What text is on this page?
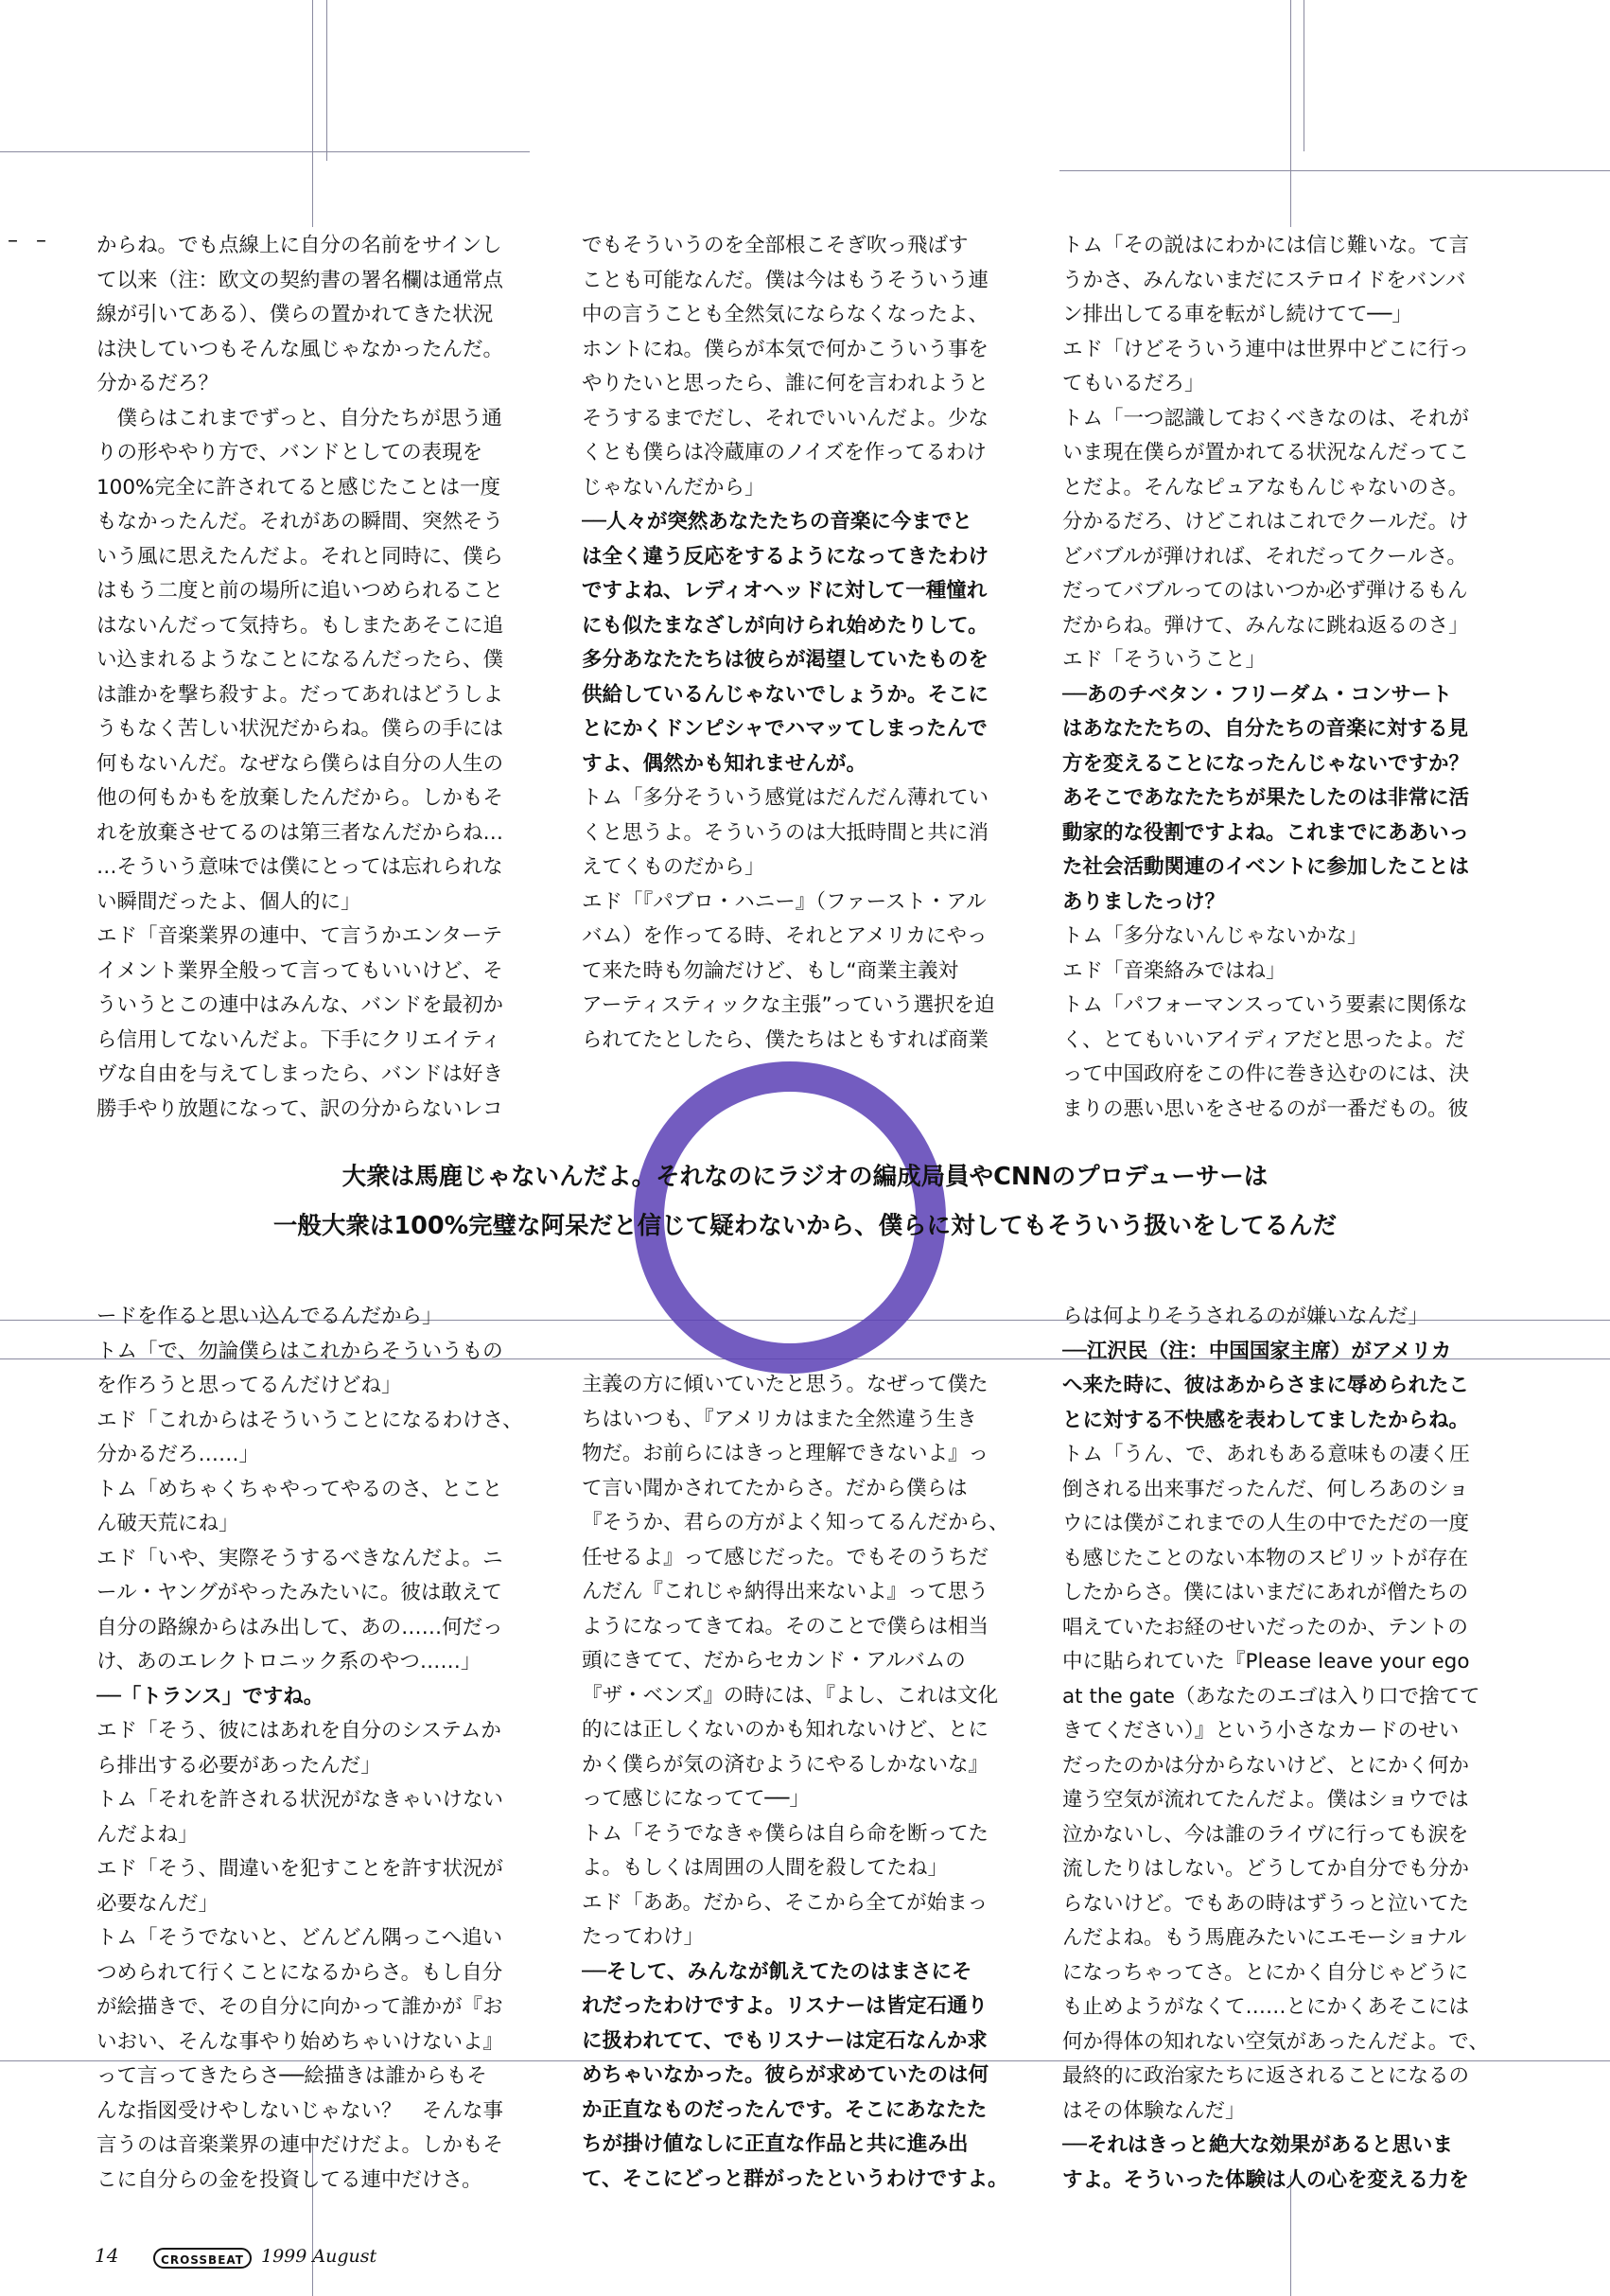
– – からね。でも点線上に自分の名前をサインし

て以来（注：欧文の契約書の署名欄は通常点

線が引いてある）、僕らの置かれてきた状況

は決していつもそんな風じゃなかったんだ。

分かるだろ？

　僕らはこれまでずっと、自分たちが思う通

りの形ややり方で、バンドとしての表現を

100%完全に許されてると感じたことは一度

もなかったんだ。それがあの瞬間、突然そう

いう風に思えたんだよ。それと同時に、僕ら

はもう二度と前の場所に追いつめられること

はないんだって気持ち。もしまたあそこに追

い込まれるようなことになるんだったら、僕

は誰かを撃ち殺すよ。だってあれはどうしよ

うもなく苦しい状況だからね。僕らの手には

何もないんだ。なぜなら僕らは自分の人生の

他の何もかもを放棄したんだから。しかもそ

れを放棄させてるのは第三者なんだからね…

…そういう意味では僕にとっては忘れられな

い瞬間だったよ、個人的に」

エド「音楽業界の連中、て言うかエンターテ

イメント業界全般って言ってもいいけど、そ

ういうとこの連中はみんな、バンドを最初か

ら信用してないんだよ。下手にクリエイティ

ヴな自由を与えてしまったら、バンドは好き

勝手やり放題になって、訳の分からないレコ

でもそういうのを全部根こそぎ吹っ飛ばす

ことも可能なんだ。僕は今はもうそういう連

中の言うことも全然気にならなくなったよ、

ホントにね。僕らが本気で何かこういう事を

やりたいと思ったら、誰に何を言われようと

そうするまでだし、それでいいんだよ。少な

くとも僕らは冷蔵庫のノイズを作ってるわけ

じゃないんだから」

──人々が突然あなたたちの音楽に今までと

は全く違う反応をするようになってきたわけ

ですよね、レディオヘッドに対して一種憧れ

にも似たまなざしが向けられ始めたりして。

多分あなたたちは彼らが渇望していたものを

供給しているんじゃないでしょうか。そこに

とにかくドンピシャでハマッてしまったんで

すよ、偶然かも知れませんが。

トム「多分そういう感覚はだんだん薄れてい

くと思うよ。そういうのは大抵時間と共に消

えてくものだから」

エド「『パブロ・ハニー』（ファースト・アル

バム）を作ってる時、それとアメリカにやっ

て来た時も勿論だけど、もし“商業主義対

アーティスティックな主張”っていう選択を迫

られてたとしたら、僕たちはともすれば商業

トム「その説はにわかには信じ難いな。て言

うかさ、みんないまだにステロイドをバンバ

ン排出してる車を転がし続けてて──」

エド「けどそういう連中は世界中どこに行っ

てもいるだろ」

トム「一つ認識しておくべきなのは、それが

いま現在僕らが置かれてる状況なんだってこ

とだよ。そんなピュアなもんじゃないのさ。

分かるだろ、けどこれはこれでクールだ。け

どバブルが弾ければ、それだってクールさ。

だってバブルってのはいつか必ず弾けるもん

だからね。弾けて、みんなに跳ね返るのさ」

エド「そういうこと」

──あのチベタン・フリーダム・コンサート

はあなたたちの、自分たちの音楽に対する見

方を変えることになったんじゃないですか？

あそこであなたたちが果たしたのは非常に活

動家的な役割ですよね。これまでにああいっ

た社会活動関連のイベントに参加したことは

ありましたっけ？

トム「多分ないんじゃないかな」

エド「音楽絡みではね」

トム「パフォーマンスっていう要素に関係な

く、とてもいいアイディアだと思ったよ。だ

って中国政府をこの件に巻き込むのには、決

まりの悪い思いをさせるのが一番だもの。彼

大衆は馬鹿じゃないんだよ。それなのにラジオの編成局員やCNNのプロデューサーは

一般大衆は100%完璧な阿呆だと信じて疑わないから、僕らに対してもそういう扱いをしてるんだ

ードを作ると思い込んでるんだから」

トム「で、勿論僕らはこれからそういうもの

を作ろうと思ってるんだけどね」

エド「これからはそういうことになるわけさ、

分かるだろ……」

トム「めちゃくちゃやってやるのさ、とこと

ん破天荒にね」

エド「いや、実際そうするべきなんだよ。ニ

ール・ヤングがやったみたいに。彼は敢えて

自分の路線からはみ出して、あの……何だっ

け、あのエレクトロニック系のやつ……」

──「トランス」ですね。

エド「そう、彼にはあれを自分のシステムか

ら排出する必要があったんだ」

トム「それを許される状況がなきゃいけない

んだよね」

エド「そう、間違いを犯すことを許す状況が

必要なんだ」

トム「そうでないと、どんどん隅っこへ追い

つめられて行くことになるからさ。もし自分

が絵描きで、その自分に向かって誰かが『お

いおい、そんな事やり始めちゃいけないよ』

って言ってきたらさ──絵描きは誰からもそ

んな指図受けやしないじゃない？　そんな事

言うのは音楽業界の連中だけだよ。しかもそ

こに自分らの金を投資してる連中だけさ。

主義の方に傾いていたと思う。なぜって僕た

ちはいつも、『アメリカはまた全然違う生き

物だ。お前らにはきっと理解できないよ』っ

て言い聞かされてたからさ。だから僕らは

『そうか、君らの方がよく知ってるんだから、

任せるよ』って感じだった。でもそのうちだ

んだん『これじゃ納得出来ないよ』って思う

ようになってきてね。そのことで僕らは相当

頭にきてて、だからセカンド・アルバムの

『ザ・ベンズ』の時には、『よし、これは文化

的には正しくないのかも知れないけど、とに

かく僕らが気の済むようにやるしかないな』

って感じになってて──」

トム「そうでなきゃ僕らは自ら命を断ってた

よ。もしくは周囲の人間を殺してたね」

エド「ああ。だから、そこから全てが始まっ

たってわけ」

──そして、みんなが飢えてたのはまさにそ

れだったわけですよ。リスナーは皆定石通り

に扱われてて、でもリスナーは定石なんか求

めちゃいなかった。彼らが求めていたのは何

か正直なものだったんです。そこにあなたた

ちが掛け値なしに正直な作品と共に進み出

て、そこにどっと群がったというわけですよ。

らは何よりそうされるのが嫌いなんだ」

──江沢民（注：中国国家主席）がアメリカ

へ来た時に、彼はあからさまに辱められたこ

とに対する不快感を表わしてましたからね。

トム「うん、で、あれもある意味もの凄く圧

倒される出来事だったんだ、何しろあのショ

ウには僕がこれまでの人生の中でただの一度

も感じたことのない本物のスピリットが存在

したからさ。僕にはいまだにあれが僧たちの

唱えていたお経のせいだったのか、テントの

中に貼られていた『Please leave your ego

at the gate（あなたのエゴは入り口で捨てて

きてください）』という小さなカードのせい

だったのかは分からないけど、とにかく何か

違う空気が流れてたんだよ。僕はショウでは

泣かないし、今は誰のライヴに行っても涙を

流したりはしない。どうしてか自分でも分か

らないけど。でもあの時はずうっと泣いてた

んだよね。もう馬鹿みたいにエモーショナル

になっちゃってさ。とにかく自分じゃどうに

も止めようがなくて……とにかくあそこには

何か得体の知れない空気があったんだよ。で、

最終的に政治家たちに返されることになるの

はその体験なんだ」

──それはきっと絶大な効果があると思いま

すよ。そういった体験は人の心を変える力を

14	CROSSBEAT 1999 August
